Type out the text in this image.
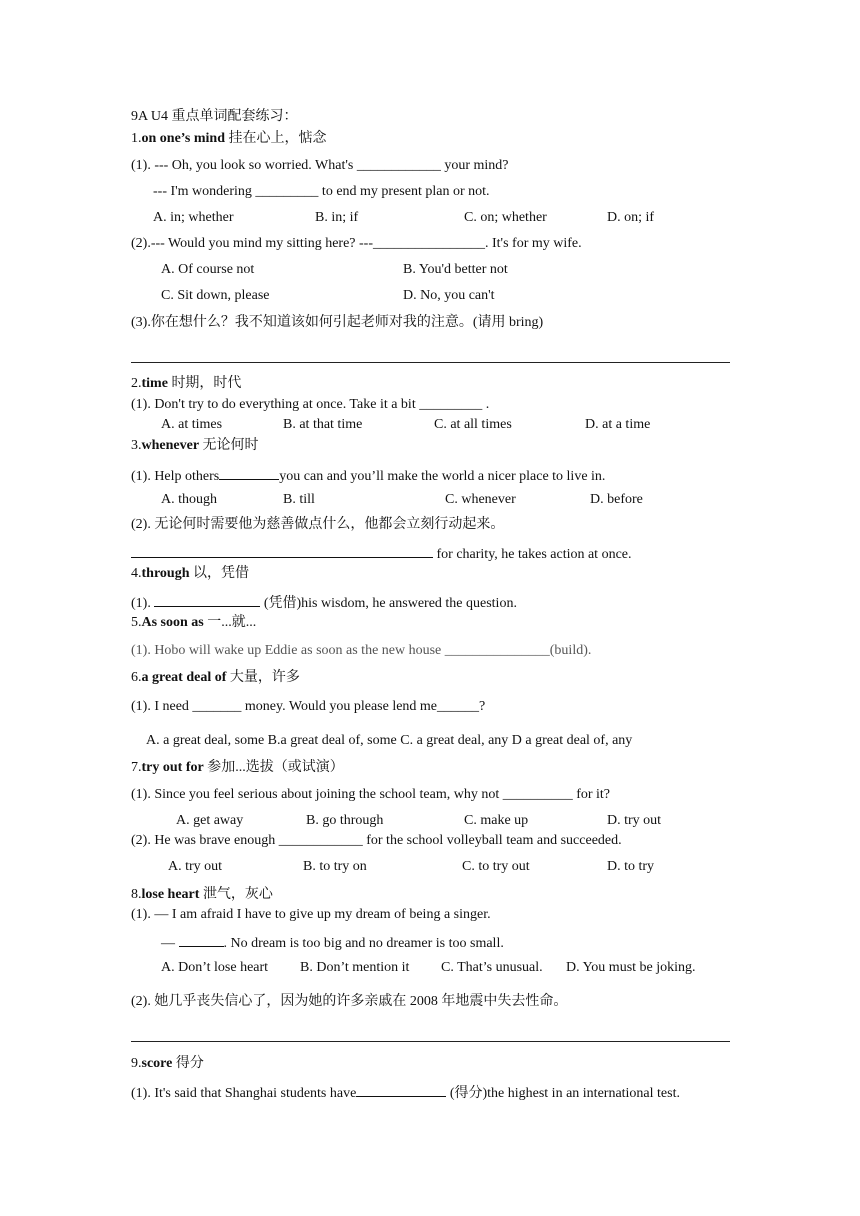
9A U4 重点单词配套练习：
1.on one’s mind 挂在心上，惦念
(1). --- Oh, you look so worried. What's ____________ your mind?
--- I'm wondering _________ to end my present plan or not.
A. in; whether	B. in; if	C. on; whether	D. on; if
(2).--- Would you mind my sitting here? ---________________. It's for my wife.
A. Of course not	B. You'd better not
C. Sit down, please	D. No, you can't
(3).你在想什么？我不知道该如何引起老师对我的注意。(请用 bring)
2.time 时期，时代
(1). Don't try to do everything at once. Take it a bit _________ .
A. at times	B. at that time	C. at all times	D. at a time
3.whenever 无论何时
(1). Help others	you can and you’ll make the world a nicer place to live in.
A. though	B. till	C. whenever	D. before
(2). 无论何时需要他为慈善做点什么，他都会立刻行动起来。
for charity, he takes action at once.
4.through 以，凭借
(1).	(凭借)his wisdom, he answered the question.
5.As soon as 一...就...
(1). Hobo will wake up Eddie as soon as the new house _______________(build).
6.a great deal of 大量，许多
(1). I need _______ money. Would you please lend me______?
A. a great deal, some B.a great deal of, some C. a great deal, any D a great deal of, any
7.try out for 参加...选拔（或试演）
(1). Since you feel serious about joining the school team, why not __________ for it?
A. get away	B. go through	C. make up	D. try out
(2). He was brave enough ____________ for the school volleyball team and succeeded.
A. try out	B. to try on	C. to try out	D. to try
8.lose heart 泄气，灰心
(1). — I am afraid I have to give up my dream of being a singer.
—	. No dream is too big and no dreamer is too small.
A. Don’t lose heart B. Don’t mention it C. That’s unusual. D. You must be joking.
(2). 她几乎丧失信心了，因为她的许多亲戚在 2008 年地震中失去性命。
9.score 得分
(1). It's said that Shanghai students have	(得分)the highest in an international test.
